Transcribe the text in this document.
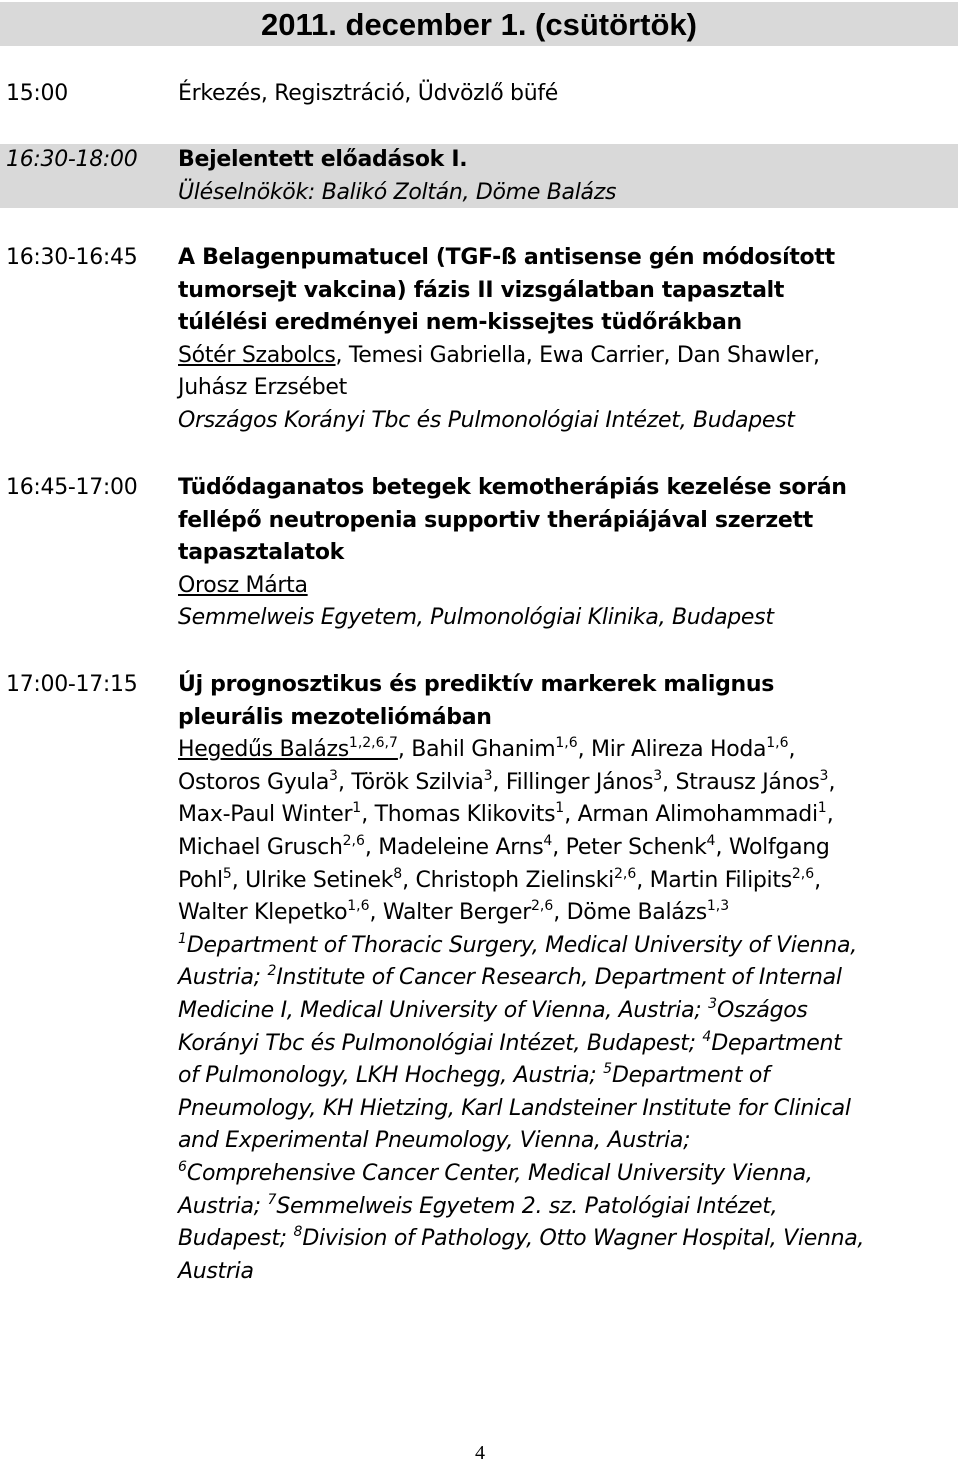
2011. december 1. (csütörtök)
15:00	Érkezés, Regisztráció, Üdvözlő büfé
16:30-18:00 Bejelentett előadások I.
Üléselnökök: Balikó Zoltán, Döme Balázs
16:30-16:45 A Belagenpumatucel (TGF-ß antisense gén módosított
tumorsejt vakcina) fázis II vizsgálatban tapasztalt
túlélési eredményei nem-kissejtes tüdőrákban
Sótér Szabolcs, Temesi Gabriella, Ewa Carrier, Dan Shawler,
Juhász Erzsébet
Országos Korányi Tbc és Pulmonológiai Intézet, Budapest
16:45-17:00 Tüdődaganatos betegek kemotherápiás kezelése során
fellépő neutropenia supportiv therápiájával szerzett
tapasztalatok
Orosz Márta
Semmelweis Egyetem, Pulmonológiai Klinika, Budapest
17:00-17:15 Új prognosztikus és prediktív markerek malignus
pleurális mezoteliómában
Hegedűs Balázs$^{1,2,6,7}$, Bahil Ghanim$^{1,6}$, Mir Alireza Hoda$^{1,6}$,
Ostoros Gyula$^3$, Török Szilvia$^3$, Fillinger János$^3$, Strausz János$^3$,
Max-Paul Winter$^1$, Thomas Klikovits$^1$, Arman Alimohammadi$^1$,
Michael Grusch$^{2,6}$, Madeleine Arns$^4$, Peter Schenk$^4$, Wolfgang
Pohl$^5$, Ulrike Setinek$^8$, Christoph Zielinski$^{2,6}$, Martin Filipits$^{2,6}$,
Walter Klepetko$^{1,6}$, Walter Berger$^{2,6}$, Döme Balázs$^{1,3}$
$^1$Department of Thoracic Surgery, Medical University of Vienna,
Austria; $^2$Institute of Cancer Research, Department of Internal
Medicine I, Medical University of Vienna, Austria; $^3$Oszágos
Korányi Tbc és Pulmonológiai Intézet, Budapest; $^4$Department
of Pulmonology, LKH Hochegg, Austria; $^5$Department of
Pneumology, KH Hietzing, Karl Landsteiner Institute for Clinical
and Experimental Pneumology, Vienna, Austria;
$^6$Comprehensive Cancer Center, Medical University Vienna,
Austria; $^7$Semmelweis Egyetem 2. sz. Patológiai Intézet,
Budapest; $^8$Division of Pathology, Otto Wagner Hospital, Vienna,
Austria
4
